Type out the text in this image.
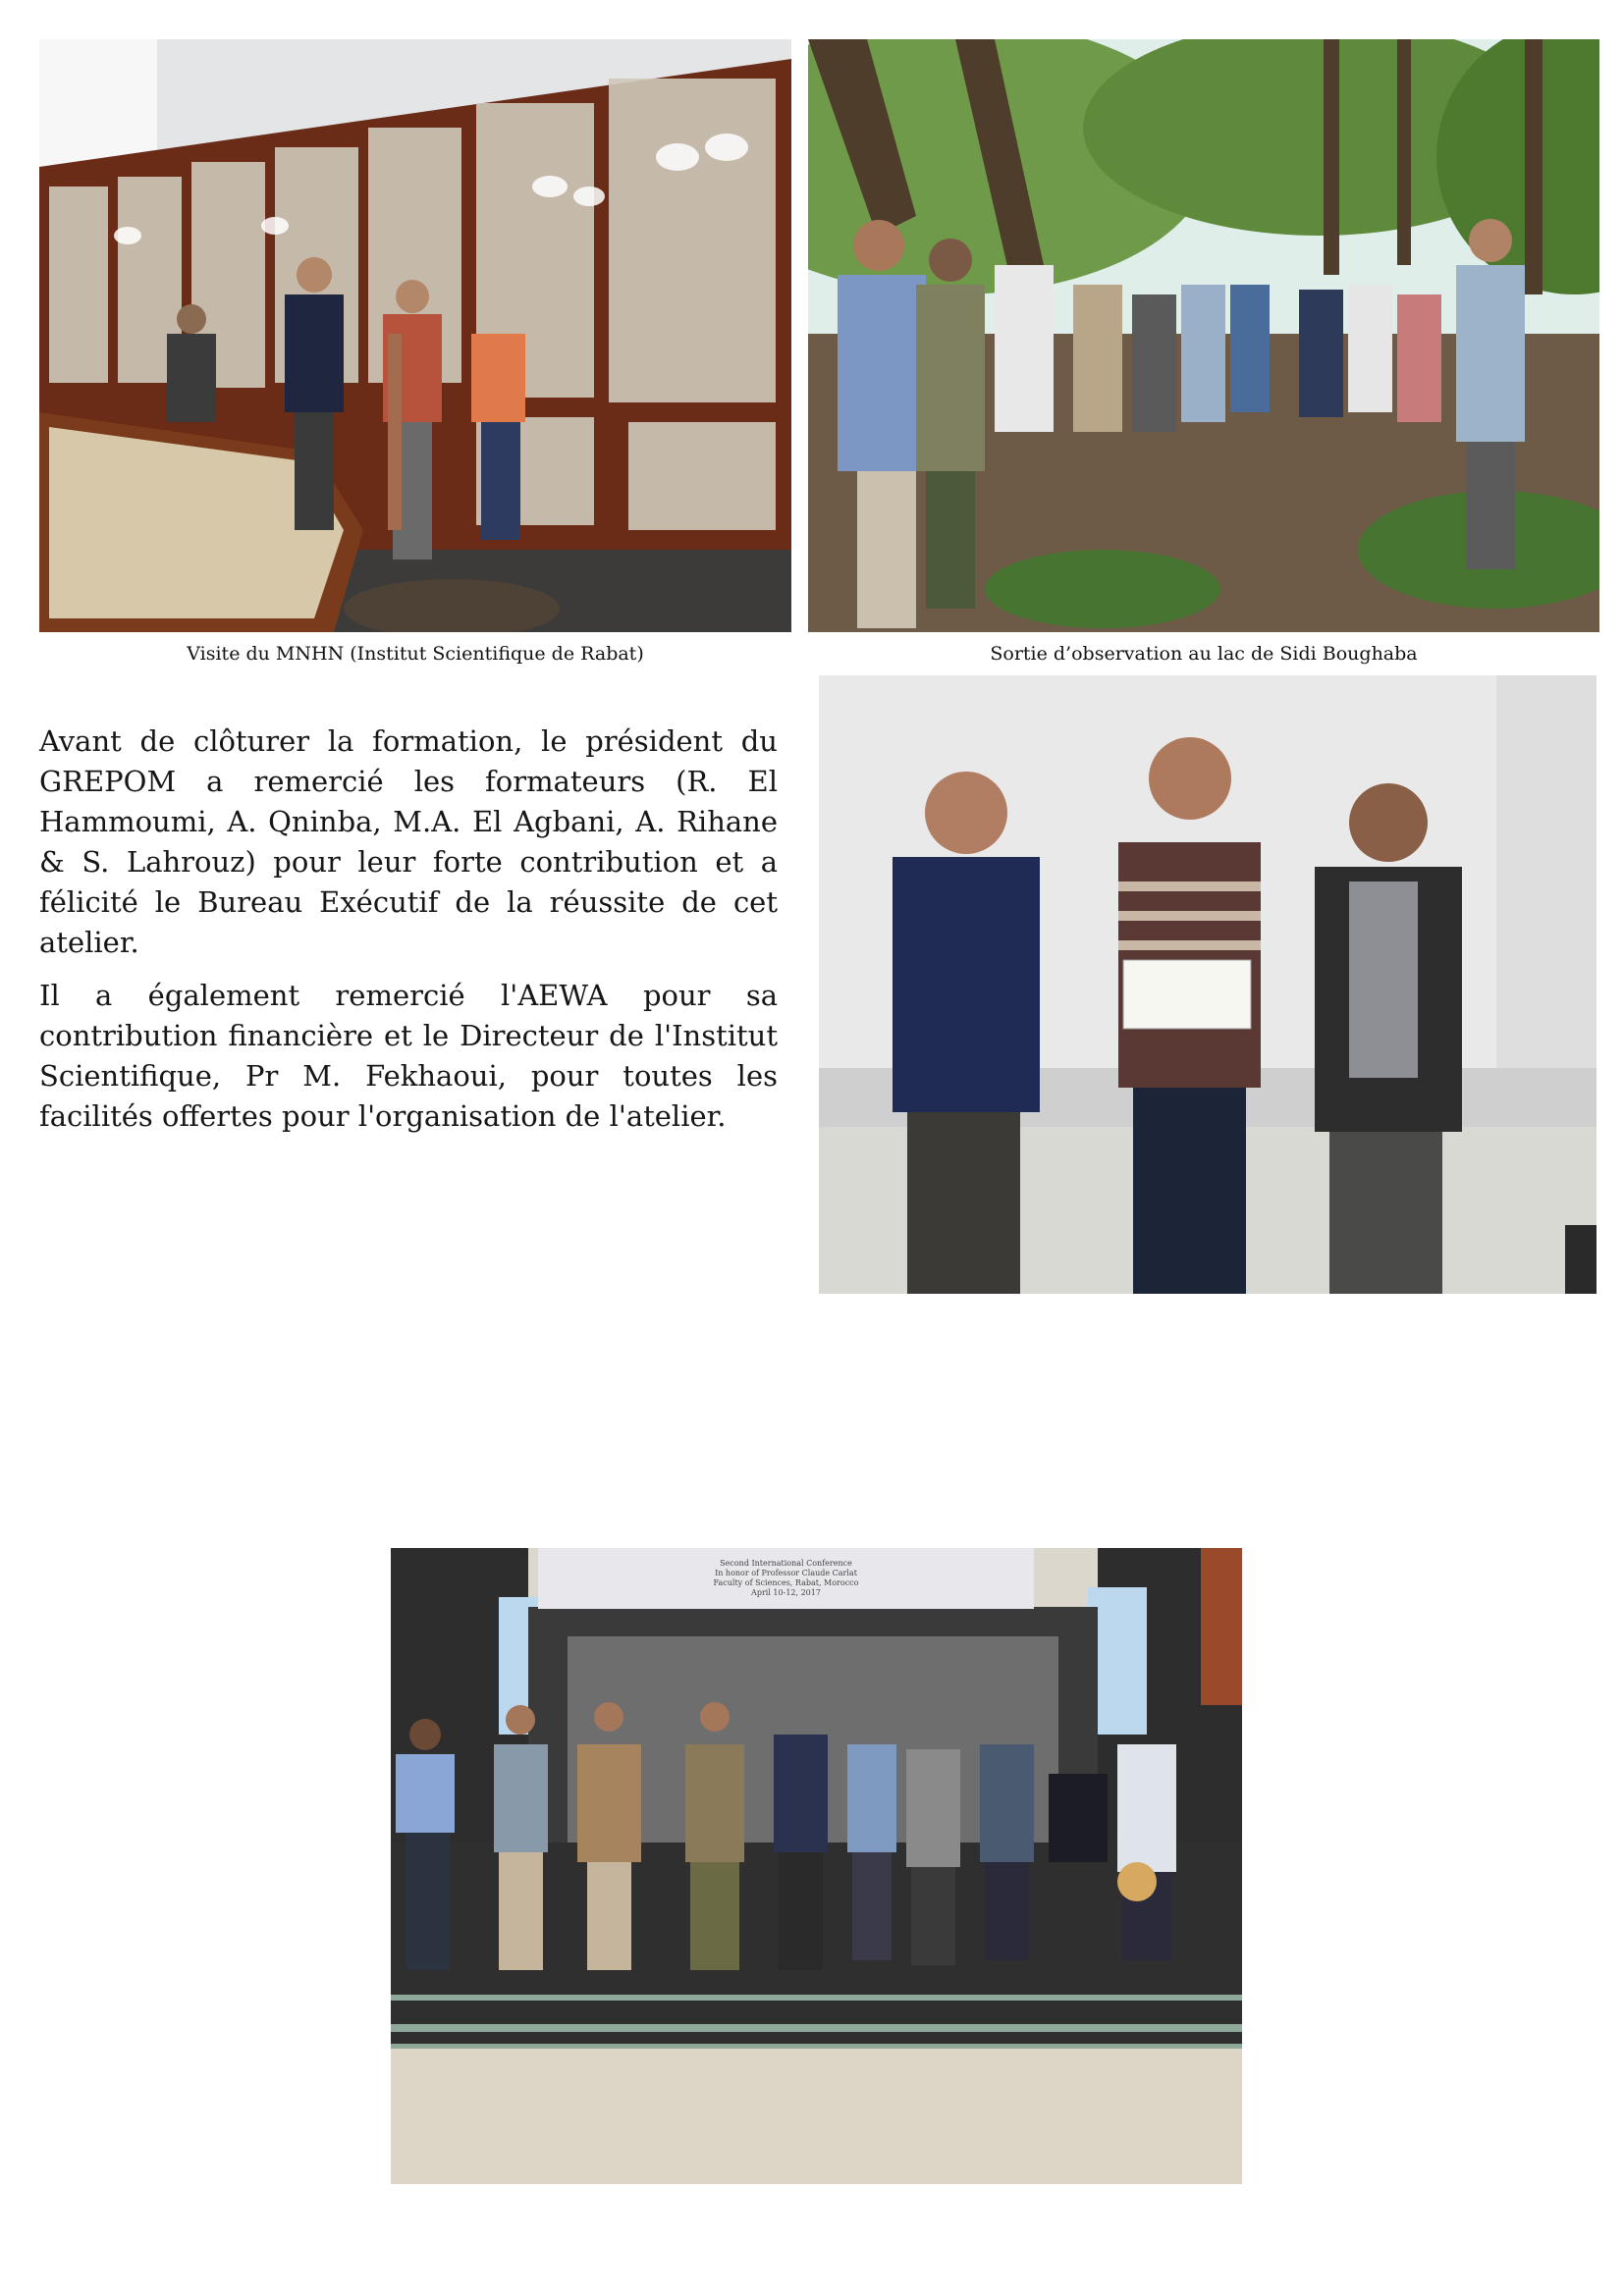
Visite du MNHN (Institut Scientifique de Rabat)	Sortie d’observation au lac de Sidi Boughaba

Avant de clôturer la formation, le président du GREPOM a remercié les formateurs (R. El Hammoumi, A. Qninba, M.A. El Agbani, A. Rihane & S. Lahrouz) pour leur forte contribution et a félicité le Bureau Exécutif de la réussite de cet atelier.

Il a également remercié l'AEWA pour sa contribution financière et le Directeur de l'Institut Scientifique, Pr M. Fekhaoui, pour toutes les facilités offertes pour l'organisation de l'atelier.

Second International Conference
In honor of Professor Claude Carlat
Faculty of Sciences, Rabat, Morocco
April 10-12, 2017
